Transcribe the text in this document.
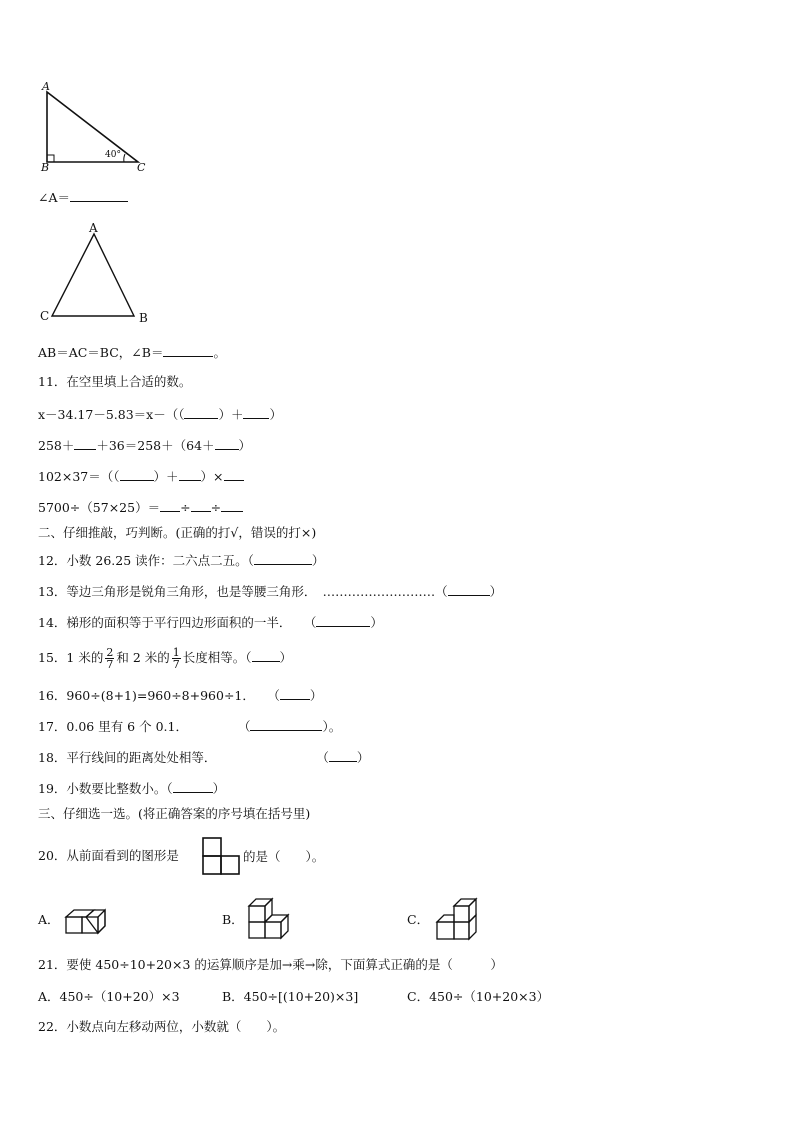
A
B	C
40°
∠A＝
A
C	B
AB＝AC＝BC，∠B＝	。
11．在空里填上合适的数。
x－34.17－5.83＝x－（（	）＋ ）
258＋ ＋36＝258＋（64＋ ）
102×37＝（（	）＋ ）×
5700÷（57×25）＝ ÷ ÷
二、仔细推敲，巧判断。(正确的打√，错误的打×)
12．小数 26.25 读作：二六点二五。（	）
13．等边三角形是锐角三角形，也是等腰三角形．　………………………（	）
14．梯形的面积等于平行四边形面积的一半．　　（	）
15．1 米的 $\frac{2}{7}$ 和 2 米的 $\frac{1}{7}$ 长度相等。（ ）
16．960÷(8+1)=960÷8+960÷1．　　（ ）
17．0.06 里有 6 个 0.1．　　　　　（	）。
18．平行线间的距离处处相等．　　　　　　　　　（ ）
19．小数要比整数小。（	）
三、仔细选一选。(将正确答案的序号填在括号里)
20．从前面看到的图形是	的是（　　）。
A．	B．	C．
21．要使 450÷10+20×3 的运算顺序是加→乘→除，下面算式正确的是（　　　）
A．450÷（10+20）×3	B．450÷[(10+20)×3]	C．450÷（10+20×3）
22．小数点向左移动两位，小数就（　　）。
